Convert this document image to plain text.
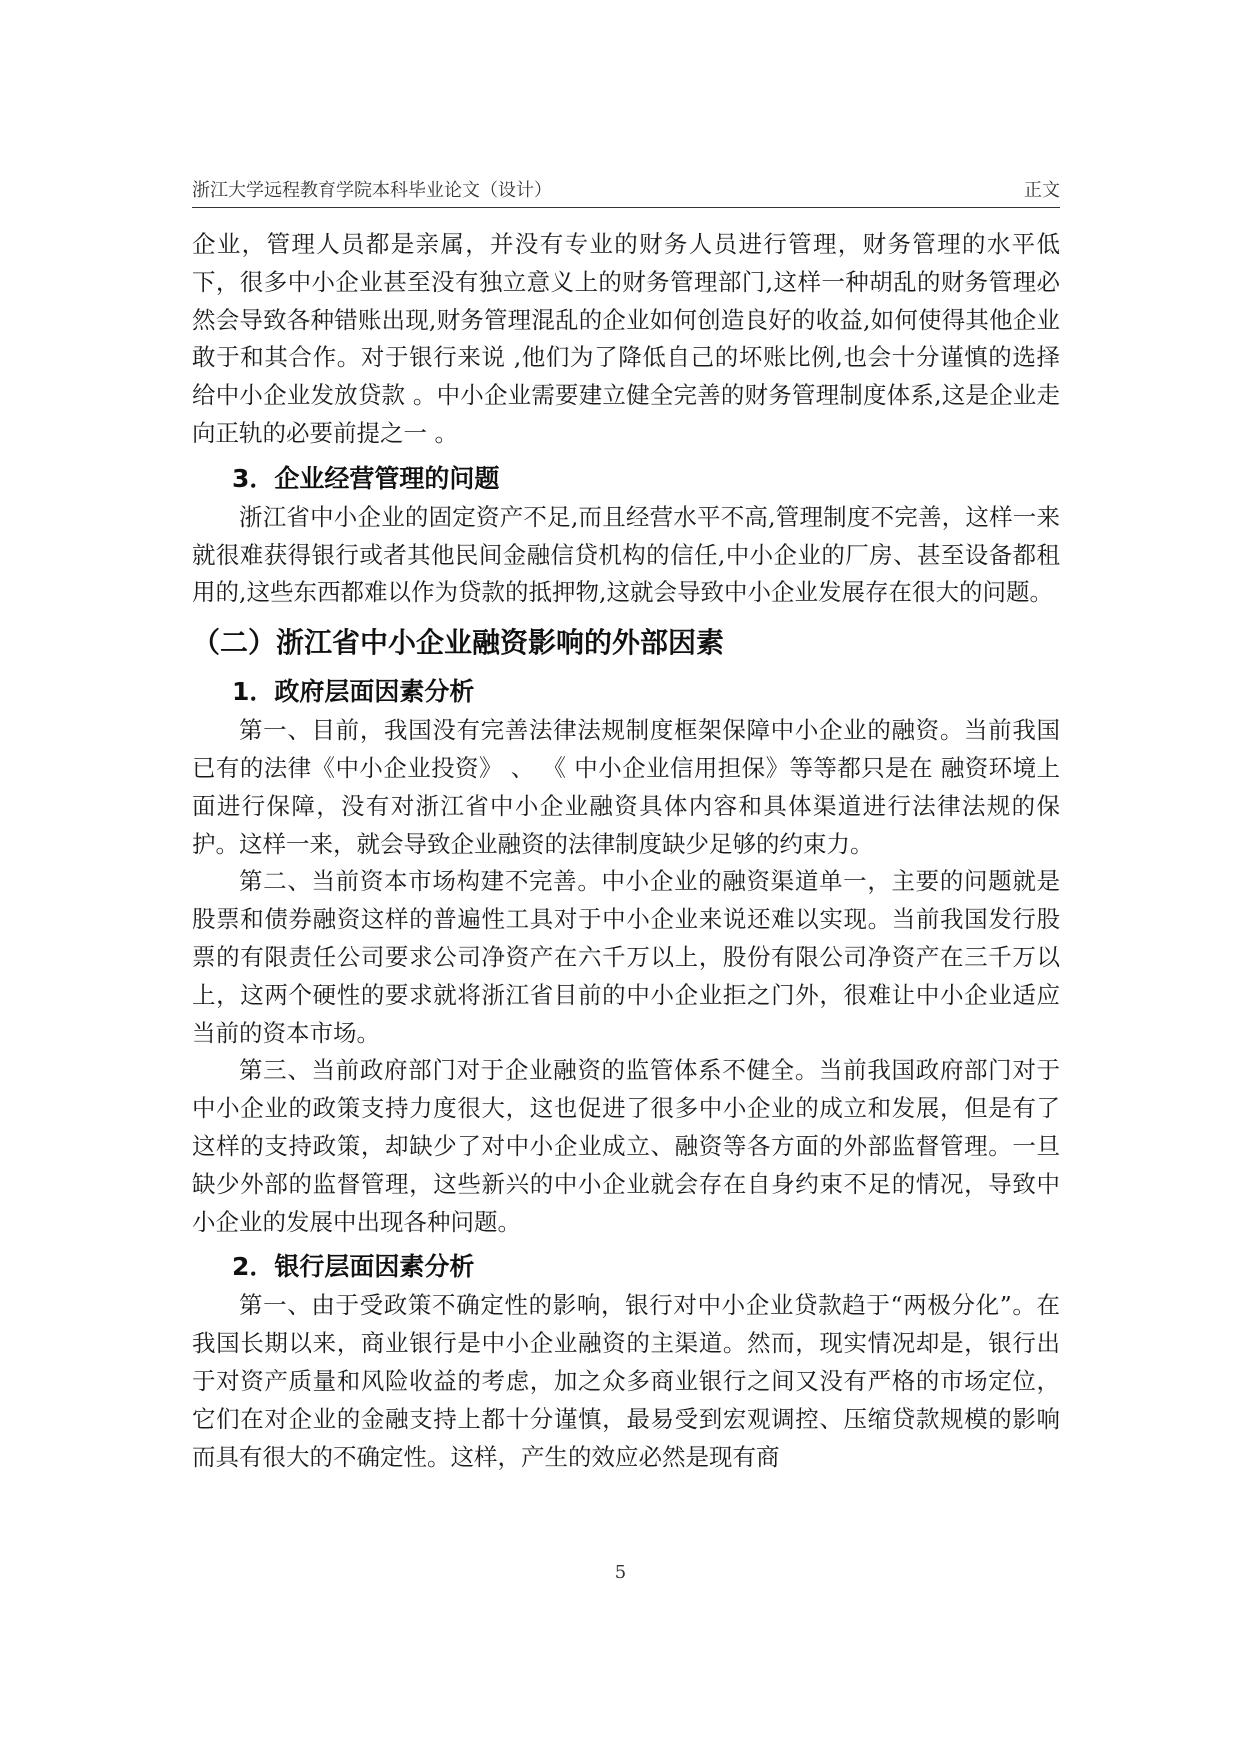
浙江大学远程教育学院本科毕业论文（设计）	正文

企业，管理人员都是亲属，并没有专业的财务人员进行管理，财务管理的水平低下，很多中小企业甚至没有独立意义上的财务管理部门,这样一种胡乱的财务管理必然会导致各种错账出现,财务管理混乱的企业如何创造良好的收益,如何使得其他企业敢于和其合作。对于银行来说 ,他们为了降低自己的坏账比例,也会十分谨慎的选择给中小企业发放贷款 。中小企业需要建立健全完善的财务管理制度体系,这是企业走向正轨的必要前提之一 。

3．企业经营管理的问题

浙江省中小企业的固定资产不足,而且经营水平不高,管理制度不完善，这样一来就很难获得银行或者其他民间金融信贷机构的信任,中小企业的厂房、甚至设备都租用的,这些东西都难以作为贷款的抵押物,这就会导致中小企业发展存在很大的问题。

（二）浙江省中小企业融资影响的外部因素
1．政府层面因素分析

第一、目前，我国没有完善法律法规制度框架保障中小企业的融资。当前我国已有的法律《中小企业投资》 、 《 中小企业信用担保》等等都只是在 融资环境上面进行保障，没有对浙江省中小企业融资具体内容和具体渠道进行法律法规的保护。这样一来，就会导致企业融资的法律制度缺少足够的约束力。

第二、当前资本市场构建不完善。中小企业的融资渠道单一，主要的问题就是股票和债券融资这样的普遍性工具对于中小企业来说还难以实现。当前我国发行股票的有限责任公司要求公司净资产在六千万以上，股份有限公司净资产在三千万以上，这两个硬性的要求就将浙江省目前的中小企业拒之门外，很难让中小企业适应当前的资本市场。

第三、当前政府部门对于企业融资的监管体系不健全。当前我国政府部门对于中小企业的政策支持力度很大，这也促进了很多中小企业的成立和发展，但是有了这样的支持政策，却缺少了对中小企业成立、融资等各方面的外部监督管理。一旦缺少外部的监督管理，这些新兴的中小企业就会存在自身约束不足的情况，导致中小企业的发展中出现各种问题。

2．银行层面因素分析

第一、由于受政策不确定性的影响，银行对中小企业贷款趋于“两极分化”。在我国长期以来，商业银行是中小企业融资的主渠道。然而，现实情况却是，银行出于对资产质量和风险收益的考虑，加之众多商业银行之间又没有严格的市场定位，它们在对企业的金融支持上都十分谨慎，最易受到宏观调控、压缩贷款规模的影响而具有很大的不确定性。这样，产生的效应必然是现有商

5
